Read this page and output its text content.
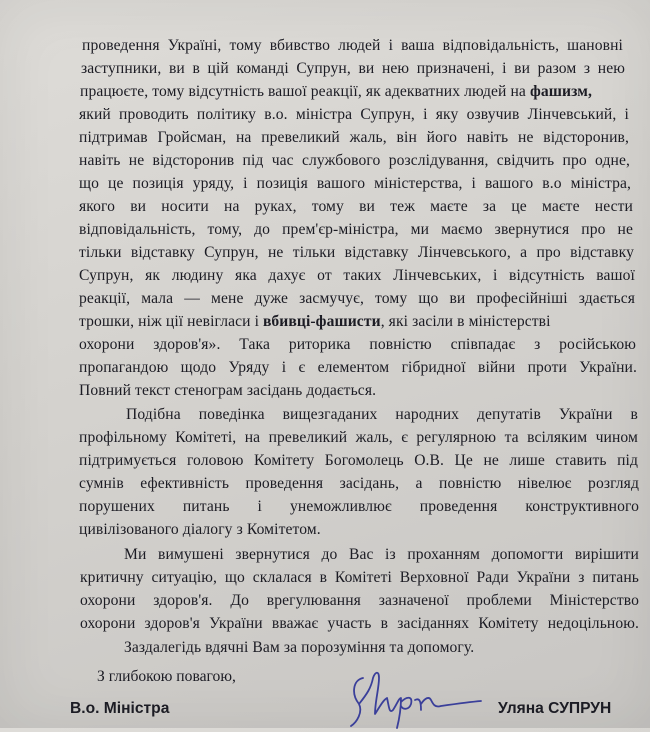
проведення Україні, тому вбивство людей і ваша відповідальність, шановні
заступники, ви в цій команді Супрун, ви нею призначені, і ви разом з нею
працюєте, тому відсутність вашої реакції, як адекватних людей на фашизм,
який проводить політику в.о. міністра Супрун, і яку озвучив Лінчевський, і
підтримав Гройсман, на превеликий жаль, він його навіть не відсторонив,
навіть не відсторонив під час службового розслідування, свідчить про одне,
що це позиція уряду, і позиція вашого міністерства, і вашого в.о міністра,
якого ви носити на руках, тому ви теж маєте за це маєте нести
відповідальність, тому, до прем'єр-міністра, ми маємо звернутися про не
тільки відставку Супрун, не тільки відставку Лінчевського, а про відставку
Супрун, як людину яка дахує от таких Лінчевських, і відсутність вашої
реакції, мала — мене дуже засмучує, тому що ви професійніші здається
трошки, ніж ції невігласи і вбивці-фашисти, які засіли в міністерстві
охорони здоров'я». Така риторика повністю співпадає з російською
пропагандою щодо Уряду і є елементом гібридної війни проти України.
Повний текст стенограм засідань додається.
Подібна поведінка вищезгаданих народних депутатів України в
профільному Комітеті, на превеликий жаль, є регулярною та всіляким чином
підтримується головою Комітету Богомолець О.В. Це не лише ставить під
сумнів ефективність проведення засідань, а повністю нівелює розгляд
порушених питань і унеможливлює проведення конструктивного
цивілізованого діалогу з Комітетом.
Ми вимушені звернутися до Вас із проханням допомогти вирішити
критичну ситуацію, що склалася в Комітеті Верховної Ради України з питань
охорони здоров'я. До врегулювання зазначеної проблеми Міністерство
охорони здоров'я України вважає участь в засіданнях Комітету недоцільною.
Заздалегідь вдячні Вам за порозуміння та допомогу.
З глибокою повагою,
В.о. Міністра	Уляна СУПРУН
